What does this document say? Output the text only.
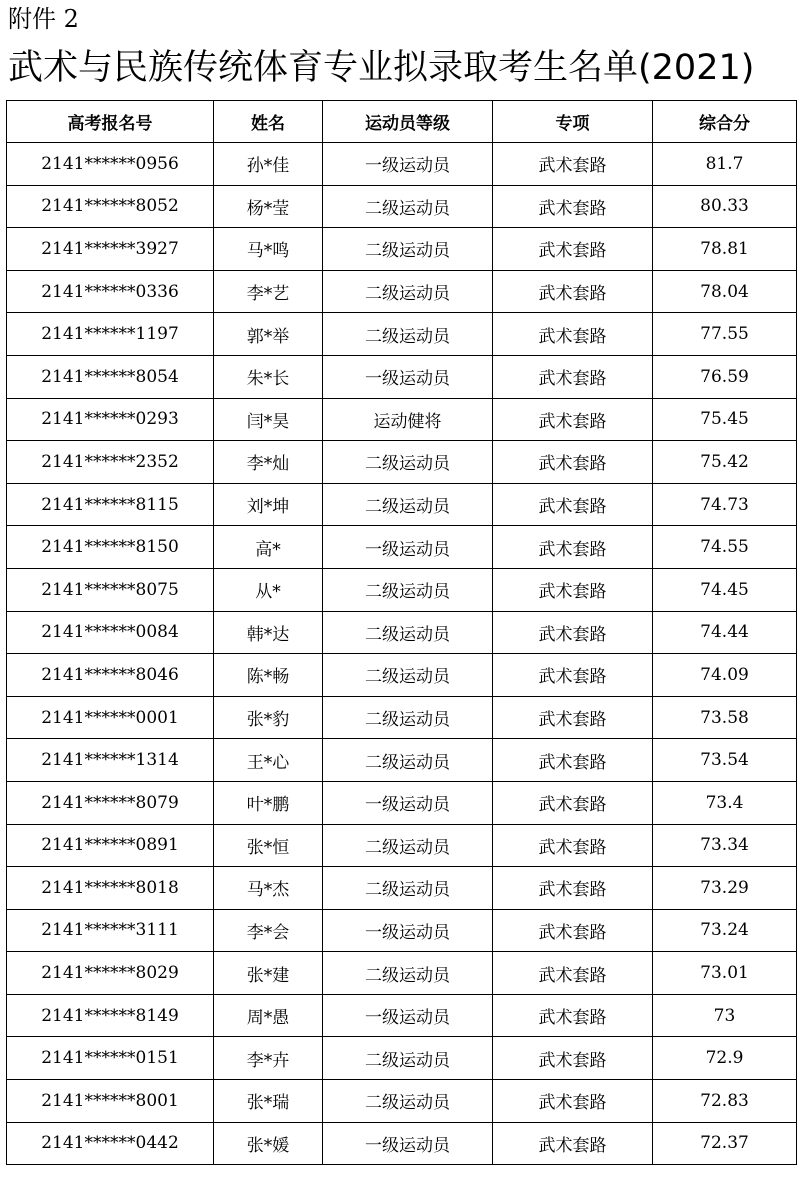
附件 2
武术与民族传统体育专业拟录取考生名单(2021)
高考报名号	姓名	运动员等级	专项	综合分
2141******0956	孙*佳	一级运动员	武术套路	81.7
2141******8052	杨*莹	二级运动员	武术套路	80.33
2141******3927	马*鸣	二级运动员	武术套路	78.81
2141******0336	李*艺	二级运动员	武术套路	78.04
2141******1197	郭*举	二级运动员	武术套路	77.55
2141******8054	朱*长	一级运动员	武术套路	76.59
2141******0293	闫*昊	运动健将	武术套路	75.45
2141******2352	李*灿	二级运动员	武术套路	75.42
2141******8115	刘*坤	二级运动员	武术套路	74.73
2141******8150	高*	一级运动员	武术套路	74.55
2141******8075	从*	二级运动员	武术套路	74.45
2141******0084	韩*达	二级运动员	武术套路	74.44
2141******8046	陈*畅	二级运动员	武术套路	74.09
2141******0001	张*豹	二级运动员	武术套路	73.58
2141******1314	王*心	二级运动员	武术套路	73.54
2141******8079	叶*鹏	一级运动员	武术套路	73.4
2141******0891	张*恒	二级运动员	武术套路	73.34
2141******8018	马*杰	二级运动员	武术套路	73.29
2141******3111	李*会	一级运动员	武术套路	73.24
2141******8029	张*建	二级运动员	武术套路	73.01
2141******8149	周*愚	一级运动员	武术套路	73
2141******0151	李*卉	二级运动员	武术套路	72.9
2141******8001	张*瑞	二级运动员	武术套路	72.83
2141******0442	张*媛	一级运动员	武术套路	72.37
